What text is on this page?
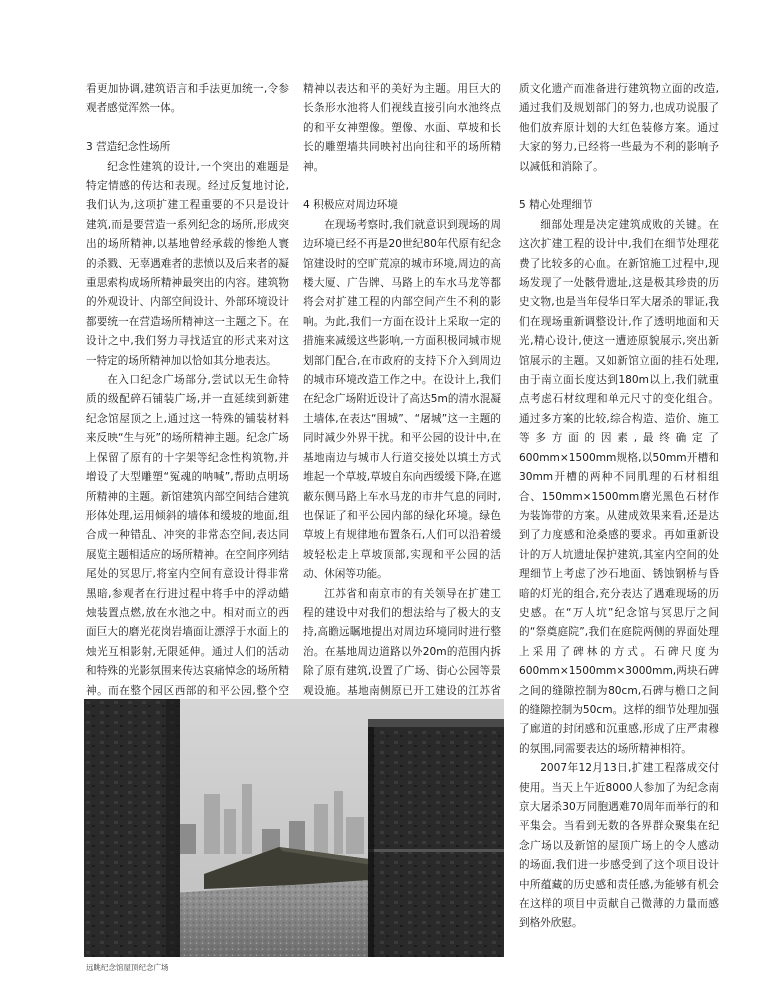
看更加协调,建筑语言和手法更加统一,令参观者感觉浑然一体。

3 营造纪念性场所

纪念性建筑的设计,一个突出的难题是特定情感的传达和表现。经过反复地讨论,我们认为,这项扩建工程重要的不只是设计建筑,而是要营造一系列纪念的场所,形成突出的场所精神,以基地曾经承载的惨绝人寰的杀戮、无辜遇难者的悲愤以及后来者的凝重思索构成场所精神最突出的内容。建筑物的外观设计、内部空间设计、外部环境设计都要统一在营造场所精神这一主题之下。在设计之中,我们努力寻找适宜的形式来对这一特定的场所精神加以恰如其分地表达。

在入口纪念广场部分,尝试以无生命特质的级配碎石铺装广场,并一直延续到新建纪念馆屋顶之上,通过这一特殊的铺装材料来反映“生与死”的场所精神主题。纪念广场上保留了原有的十字架等纪念性构筑物,并增设了大型雕塑“冤魂的呐喊”,帮助点明场所精神的主题。新馆建筑内部空间结合建筑形体处理,运用倾斜的墙体和缓坡的地面,组合成一种错乱、冲突的非常态空间,表达同展览主题相适应的场所精神。在空间序列结尾处的冥思厅,将室内空间有意设计得非常黑暗,参观者在行进过程中将手中的浮动蜡烛装置点燃,放在水池之中。相对而立的西面巨大的磨光花岗岩墙面让漂浮于水面上的烛光互相影射,无限延伸。通过人们的活动和特殊的光影氛围来传达哀痛悼念的场所精神。而在整个园区西部的和平公园,整个空

精神以表达和平的美好为主题。用巨大的长条形水池将人们视线直接引向水池终点的和平女神塑像。塑像、水面、草坡和长长的雕塑墙共同映衬出向往和平的场所精神。

4 积极应对周边环境

在现场考察时,我们就意识到现场的周边环境已经不再是20世纪80年代原有纪念馆建设时的空旷荒凉的城市环境,周边的高楼大厦、广告牌、马路上的车水马龙等都将会对扩建工程的内部空间产生不利的影响。为此,我们一方面在设计上采取一定的措施来减缓这些影响,一方面积极同城市规划部门配合,在市政府的支持下介入到周边的城市环境改造工作之中。在设计上,我们在纪念广场附近设计了高达5m的清水混凝土墙体,在表达“围城”、“屠城”这一主题的同时减少外界干扰。和平公园的设计中,在基地南边与城市人行道交接处以填土方式堆起一个草坡,草坡自东向西缓缓下降,在遮蔽东侧马路上车水马龙的市井气息的同时,也保证了和平公园内部的绿化环境。绿色草坡上有规律地布置条石,人们可以沿着缓坡轻松走上草坡顶部,实现和平公园的活动、休闲等功能。

江苏省和南京市的有关领导在扩建工程的建设中对我们的想法给与了极大的支持,高瞻远瞩地提出对周边环境同时进行整治。在基地周边道路以外20m的范围内拆除了原有建筑,设置了广场、街心公园等景观设施。基地南侧原已开工建设的江苏省

质文化遗产而准备进行建筑物立面的改造,通过我们及规划部门的努力,也成功说服了他们放弃原计划的大红色装修方案。通过大家的努力,已经将一些最为不利的影响予以减低和消除了。

5 精心处理细节

细部处理是决定建筑成败的关键。在这次扩建工程的设计中,我们在细节处理花费了比较多的心血。在新馆施工过程中,现场发现了一处骸骨遗址,这是极其珍贵的历史文物,也是当年侵华日军大屠杀的罪证,我们在现场重新调整设计,作了透明地面和天光,精心设计,使这一遭迹原貌展示,突出新馆展示的主题。又如新馆立面的挂石处理,由于南立面长度达到180m以上,我们就重点考虑石材纹理和单元尺寸的变化组合。通过多方案的比较,综合构造、造价、施工等多方面的因素,最终确定了600mm×1500mm规格,以50mm开槽和30mm开槽的两种不同肌理的石材相组合、150mm×1500mm磨光黑色石材作为装饰带的方案。从建成效果来看,还是达到了力度感和沧桑感的要求。再如重新设计的万人坑遗址保护建筑,其室内空间的处理细节上考虑了沙石地面、锈蚀钢桥与昏暗的灯光的组合,充分表达了遇难现场的历史感。在“万人坑”纪念馆与冥思厅之间的“祭奠庭院”,我们在庭院两侧的界面处理上采用了碑林的方式。石碑尺度为600mm×1500mm×3000mm,两块石碑之间的缝隙控制为80cm,石碑与檐口之间的缝隙控制为50cm。这样的细节处理加强了廊道的封闭感和沉重感,形成了庄严肃穆的氛围,同需要表达的场所精神相符。

2007年12月13日,扩建工程落成交付使用。当天上午近8000人参加了为纪念南京大屠杀30万同胞遇难70周年而举行的和平集会。当看到无数的各界群众聚集在纪念广场以及新馆的屋顶广场上的令人感动的场面,我们进一步感受到了这个项目设计中所蕴藏的历史感和责任感,为能够有机会在这样的项目中贡献自己微薄的力量而感到格外欣慰。

远眺纪念馆屋顶纪念广场
